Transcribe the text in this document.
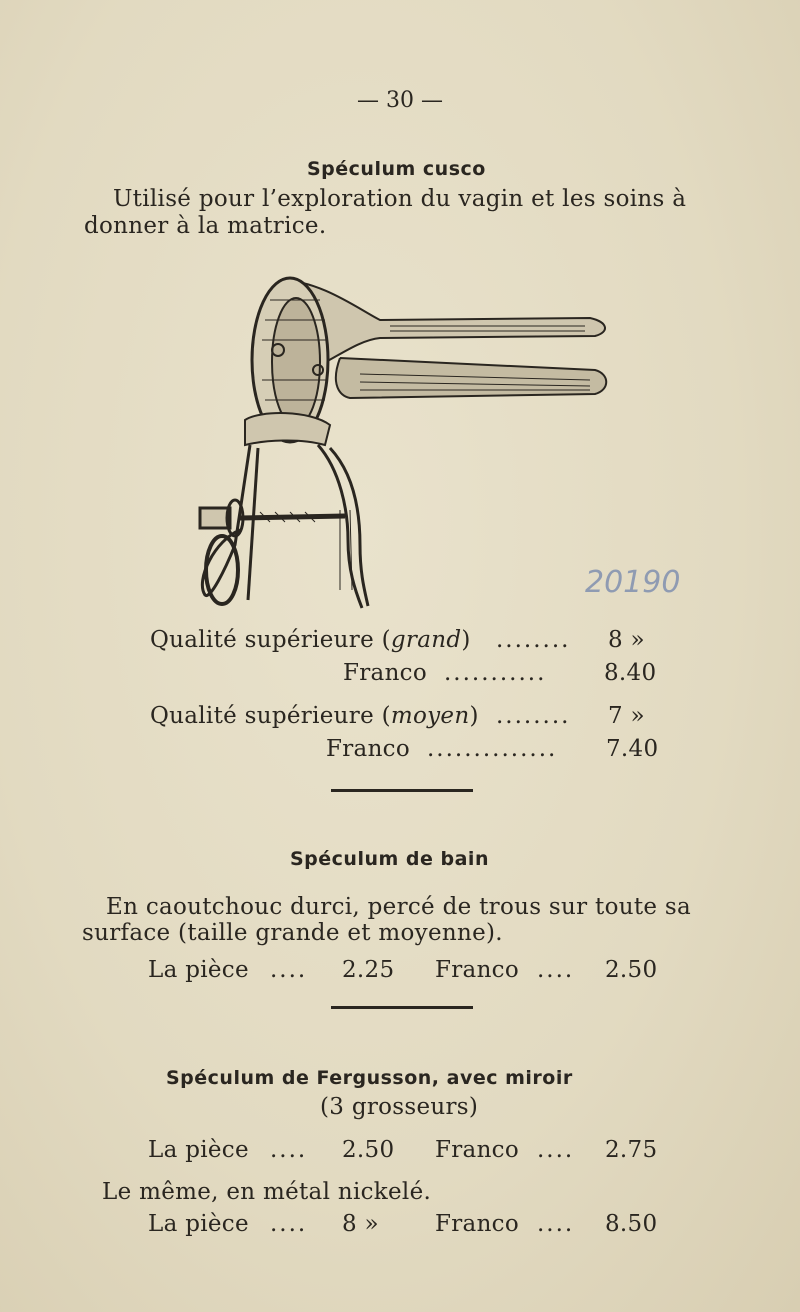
— 30 —
Spéculum cusco
Utilisé pour l’exploration du vagin et les soins à
donner à la matrice.
20190
Qualité supérieure (grand) ........ 8 »
Franco ...........	8.40
Qualité supérieure (moyen) ........ 7 »
Franco .............. 7.40
Spéculum de bain
En caoutchouc durci, percé de trous sur toute sa
surface (taille grande et moyenne).
La pièce .... 2.25 Franco .... 2.50
Spéculum de Fergusson, avec miroir
(3 grosseurs)
La pièce .... 2.50 Franco .... 2.75
Le même, en métal nickelé.
La pièce .... 8 » Franco .... 8.50
